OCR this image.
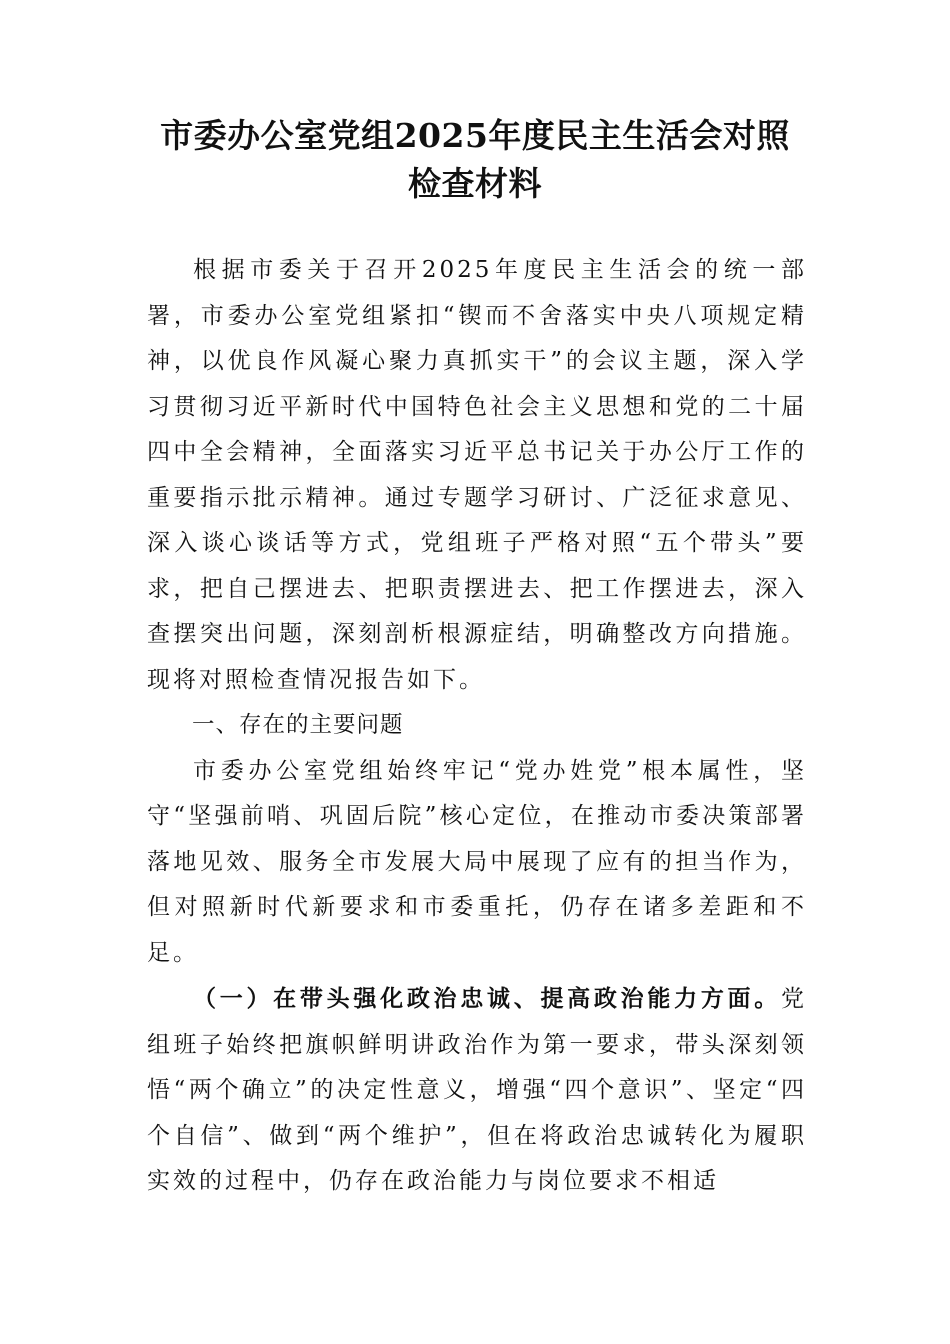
市委办公室党组2025年度民主生活会对照
检查材料

根据市委关于召开2025年度民主生活会的统一部署，市委办公室党组紧扣“锲而不舍落实中央八项规定精神，以优良作风凝心聚力真抓实干”的会议主题，深入学习贯彻习近平新时代中国特色社会主义思想和党的二十届四中全会精神，全面落实习近平总书记关于办公厅工作的重要指示批示精神。通过专题学习研讨、广泛征求意见、深入谈心谈话等方式，党组班子严格对照“五个带头”要求，把自己摆进去、把职责摆进去、把工作摆进去，深入查摆突出问题，深刻剖析根源症结，明确整改方向措施。现将对照检查情况报告如下。

一、存在的主要问题

市委办公室党组始终牢记“党办姓党”根本属性，坚守“坚强前哨、巩固后院”核心定位，在推动市委决策部署落地见效、服务全市发展大局中展现了应有的担当作为，但对照新时代新要求和市委重托，仍存在诸多差距和不足。

（一）在带头强化政治忠诚、提高政治能力方面。党组班子始终把旗帜鲜明讲政治作为第一要求，带头深刻领悟“两个确立”的决定性意义，增强“四个意识”、坚定“四个自信”、做到“两个维护”，但在将政治忠诚转化为履职实效的过程中，仍存在政治能力与岗位要求不相适
